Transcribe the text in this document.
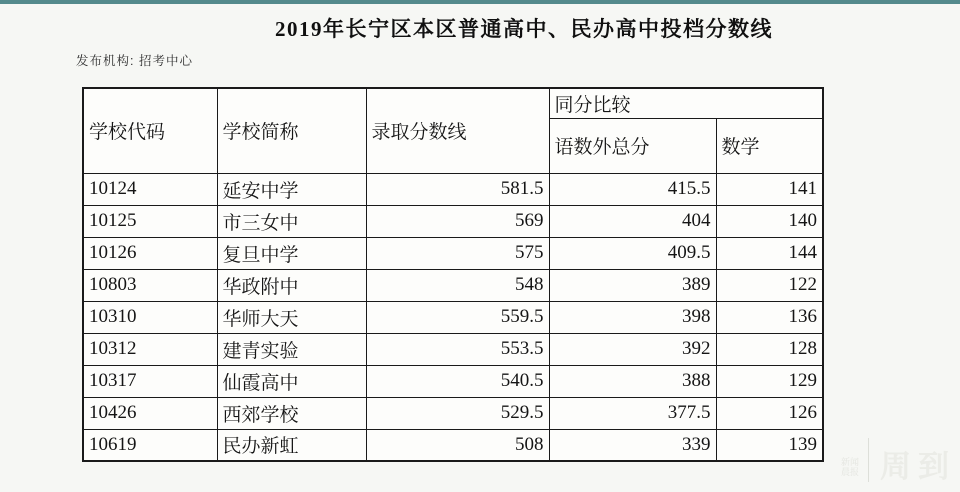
2019年长宁区本区普通高中、民办高中投档分数线
发布机构: 招考中心
学校代码	学校简称	录取分数线	同分比较	
			语数外总分	数学
10124	延安中学	581.5	415.5	141
10125	市三女中	569	404	140
10126	复旦中学	575	409.5	144
10803	华政附中	548	389	122
10310	华师大天	559.5	398	136
10312	建青实验	553.5	392	128
10317	仙霞高中	540.5	388	129
10426	西郊学校	529.5	377.5	126
10619	民办新虹	508	339	139
新闻
晨报 周到
